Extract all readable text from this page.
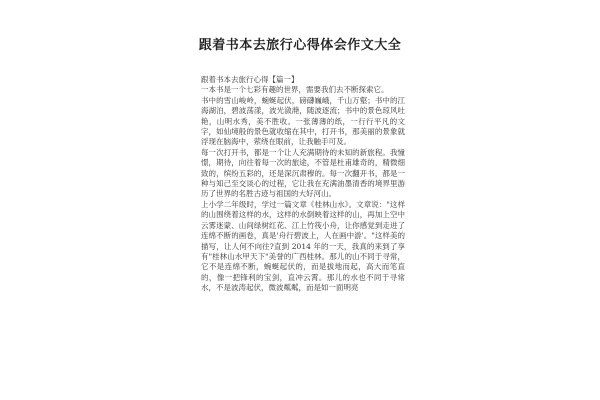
跟着书本去旅行心得体会作文大全

跟着书本去旅行心得【篇一】

一本书是一个七彩有趣的世界，需要我们去不断探索它。

书中的雪山峻岭，蜿蜒起伏，磅礴巍峨，千山万壑；书中的江海湖泊，碧波荡漾，波光潋滟，随波逐流；书中的景色琼风吐艳，山明水秀，美不胜收。一张薄薄的纸，一行行平凡的文字，如仙境般的景色就收缩在其中，打开书，那美丽的景象就浮现在脑海中，萦绕在眼前，让我触手可及。

每一次打开书，都是一个让人充满期待的未知的新旅程。我憧憬，期待，向往着每一次的旅途，不管是杜甫雄奇的，精微细致的，缤纷五彩的，还是深沉肃穆的。每一次翻开书，都是一种与知己至交谈心的过程，它让我在充满油墨清香的境界里游历了世界的名胜古迹与祖国的大好河山。

上小学二年级时，学过一篇文章《桂林山水》。文章说："这样的山围绕着这样的水，这样的水倒映着这样的山，再加上空中云雾迷蒙、山间绿树红花、江上竹筏小舟，让你感觉到走进了连绵不断的画卷，真是'舟行碧波上，人在画中游'。"这样美的描写，让人何不向往?直到 2014 年的一天，我真的来到了享有"桂林山水甲天下"美誉的广西桂林。那儿的山不同于寻常，它不是连绵不断，蜿蜒起伏的，而是拔地而起，高大而笔直的，像一把锋利的宝剑，直冲云霄。那儿的水也不同于寻常水，不是波涛起伏，微波粼粼，而是如一面明亮
